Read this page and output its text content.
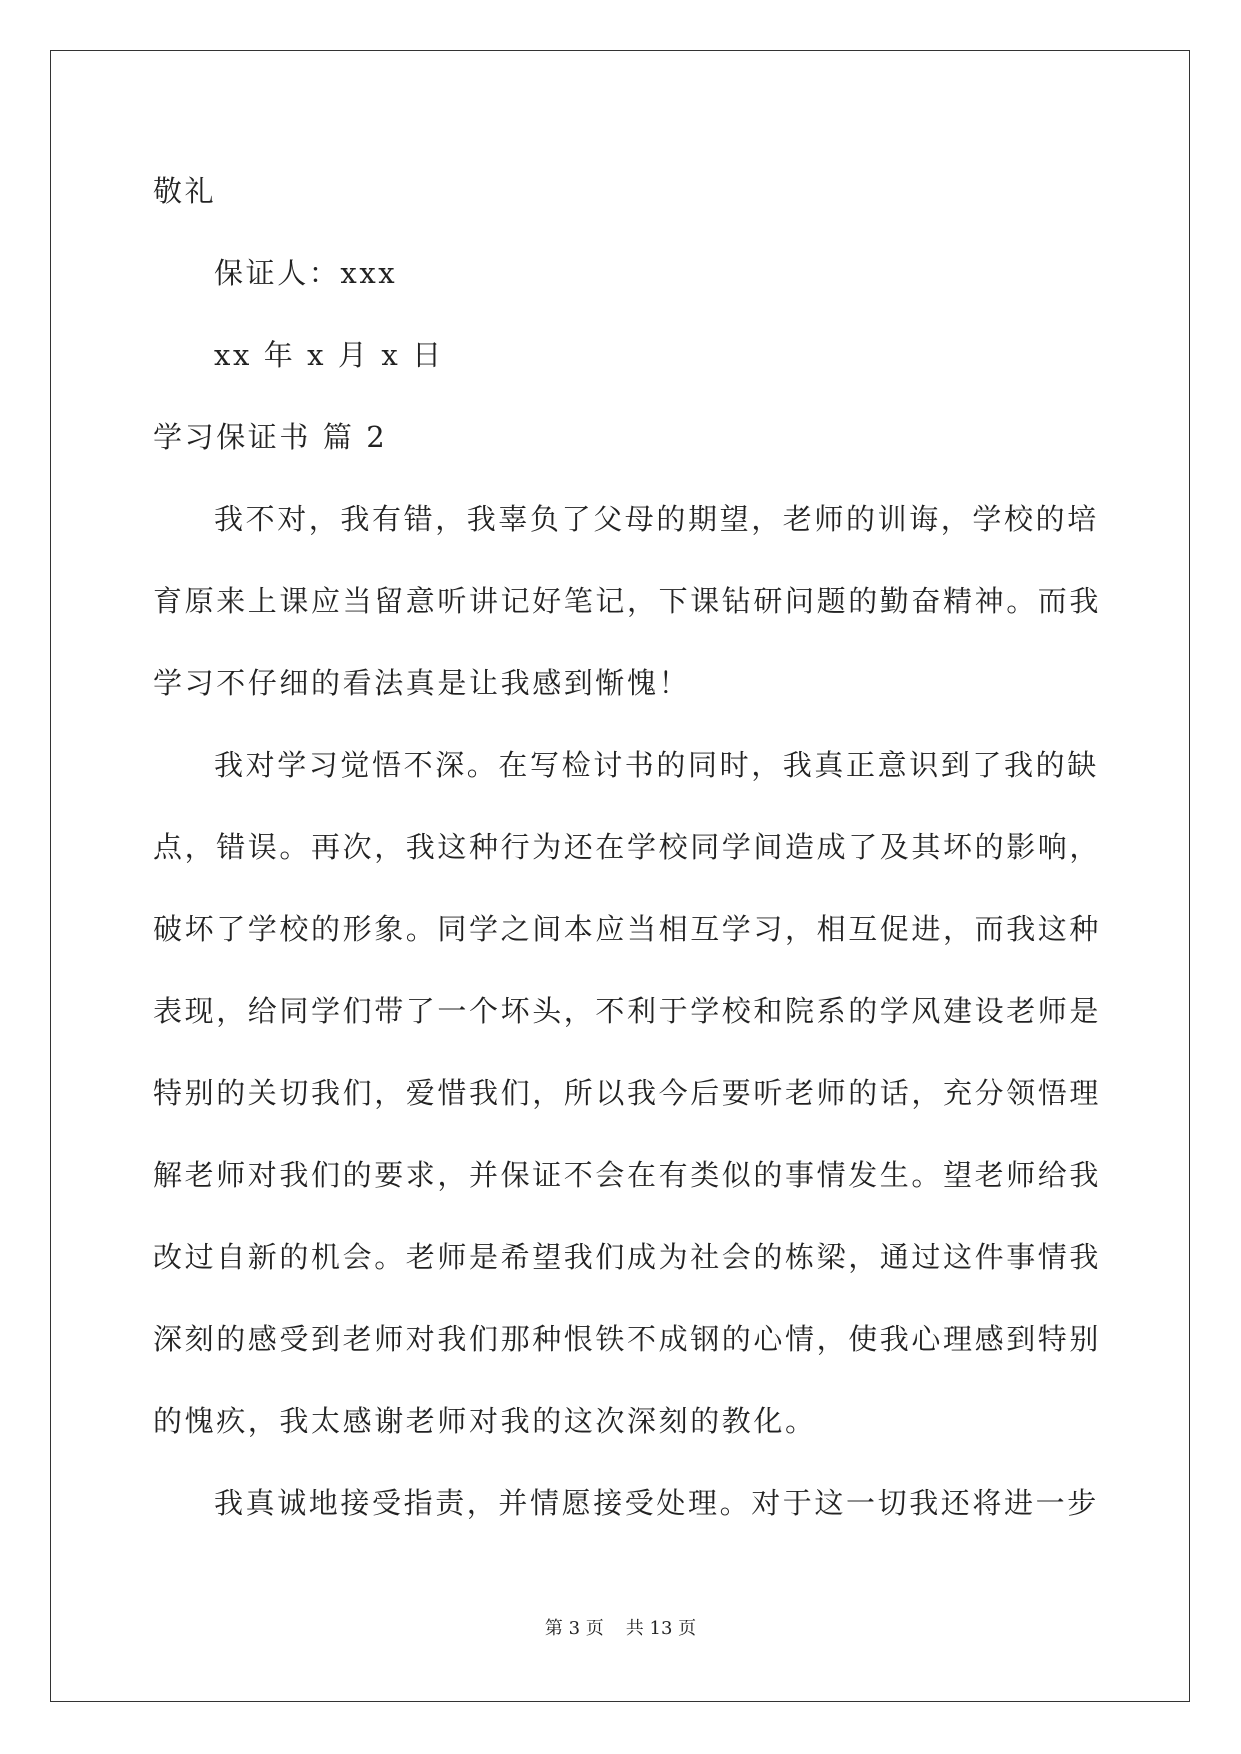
敬礼
保证人：xxx
xx 年 x 月 x 日
学习保证书 篇 2
我不对，我有错，我辜负了父母的期望，老师的训诲，学校的培
育原来上课应当留意听讲记好笔记，下课钻研问题的勤奋精神。而我
学习不仔细的看法真是让我感到惭愧！
我对学习觉悟不深。在写检讨书的同时，我真正意识到了我的缺
点，错误。再次，我这种行为还在学校同学间造成了及其坏的影响，
破坏了学校的形象。同学之间本应当相互学习，相互促进，而我这种
表现，给同学们带了一个坏头，不利于学校和院系的学风建设老师是
特别的关切我们，爱惜我们，所以我今后要听老师的话，充分领悟理
解老师对我们的要求，并保证不会在有类似的事情发生。望老师给我
改过自新的机会。老师是希望我们成为社会的栋梁，通过这件事情我
深刻的感受到老师对我们那种恨铁不成钢的心情，使我心理感到特别
的愧疚，我太感谢老师对我的这次深刻的教化。
我真诚地接受指责，并情愿接受处理。对于这一切我还将进一步
第 3 页 共 13 页
